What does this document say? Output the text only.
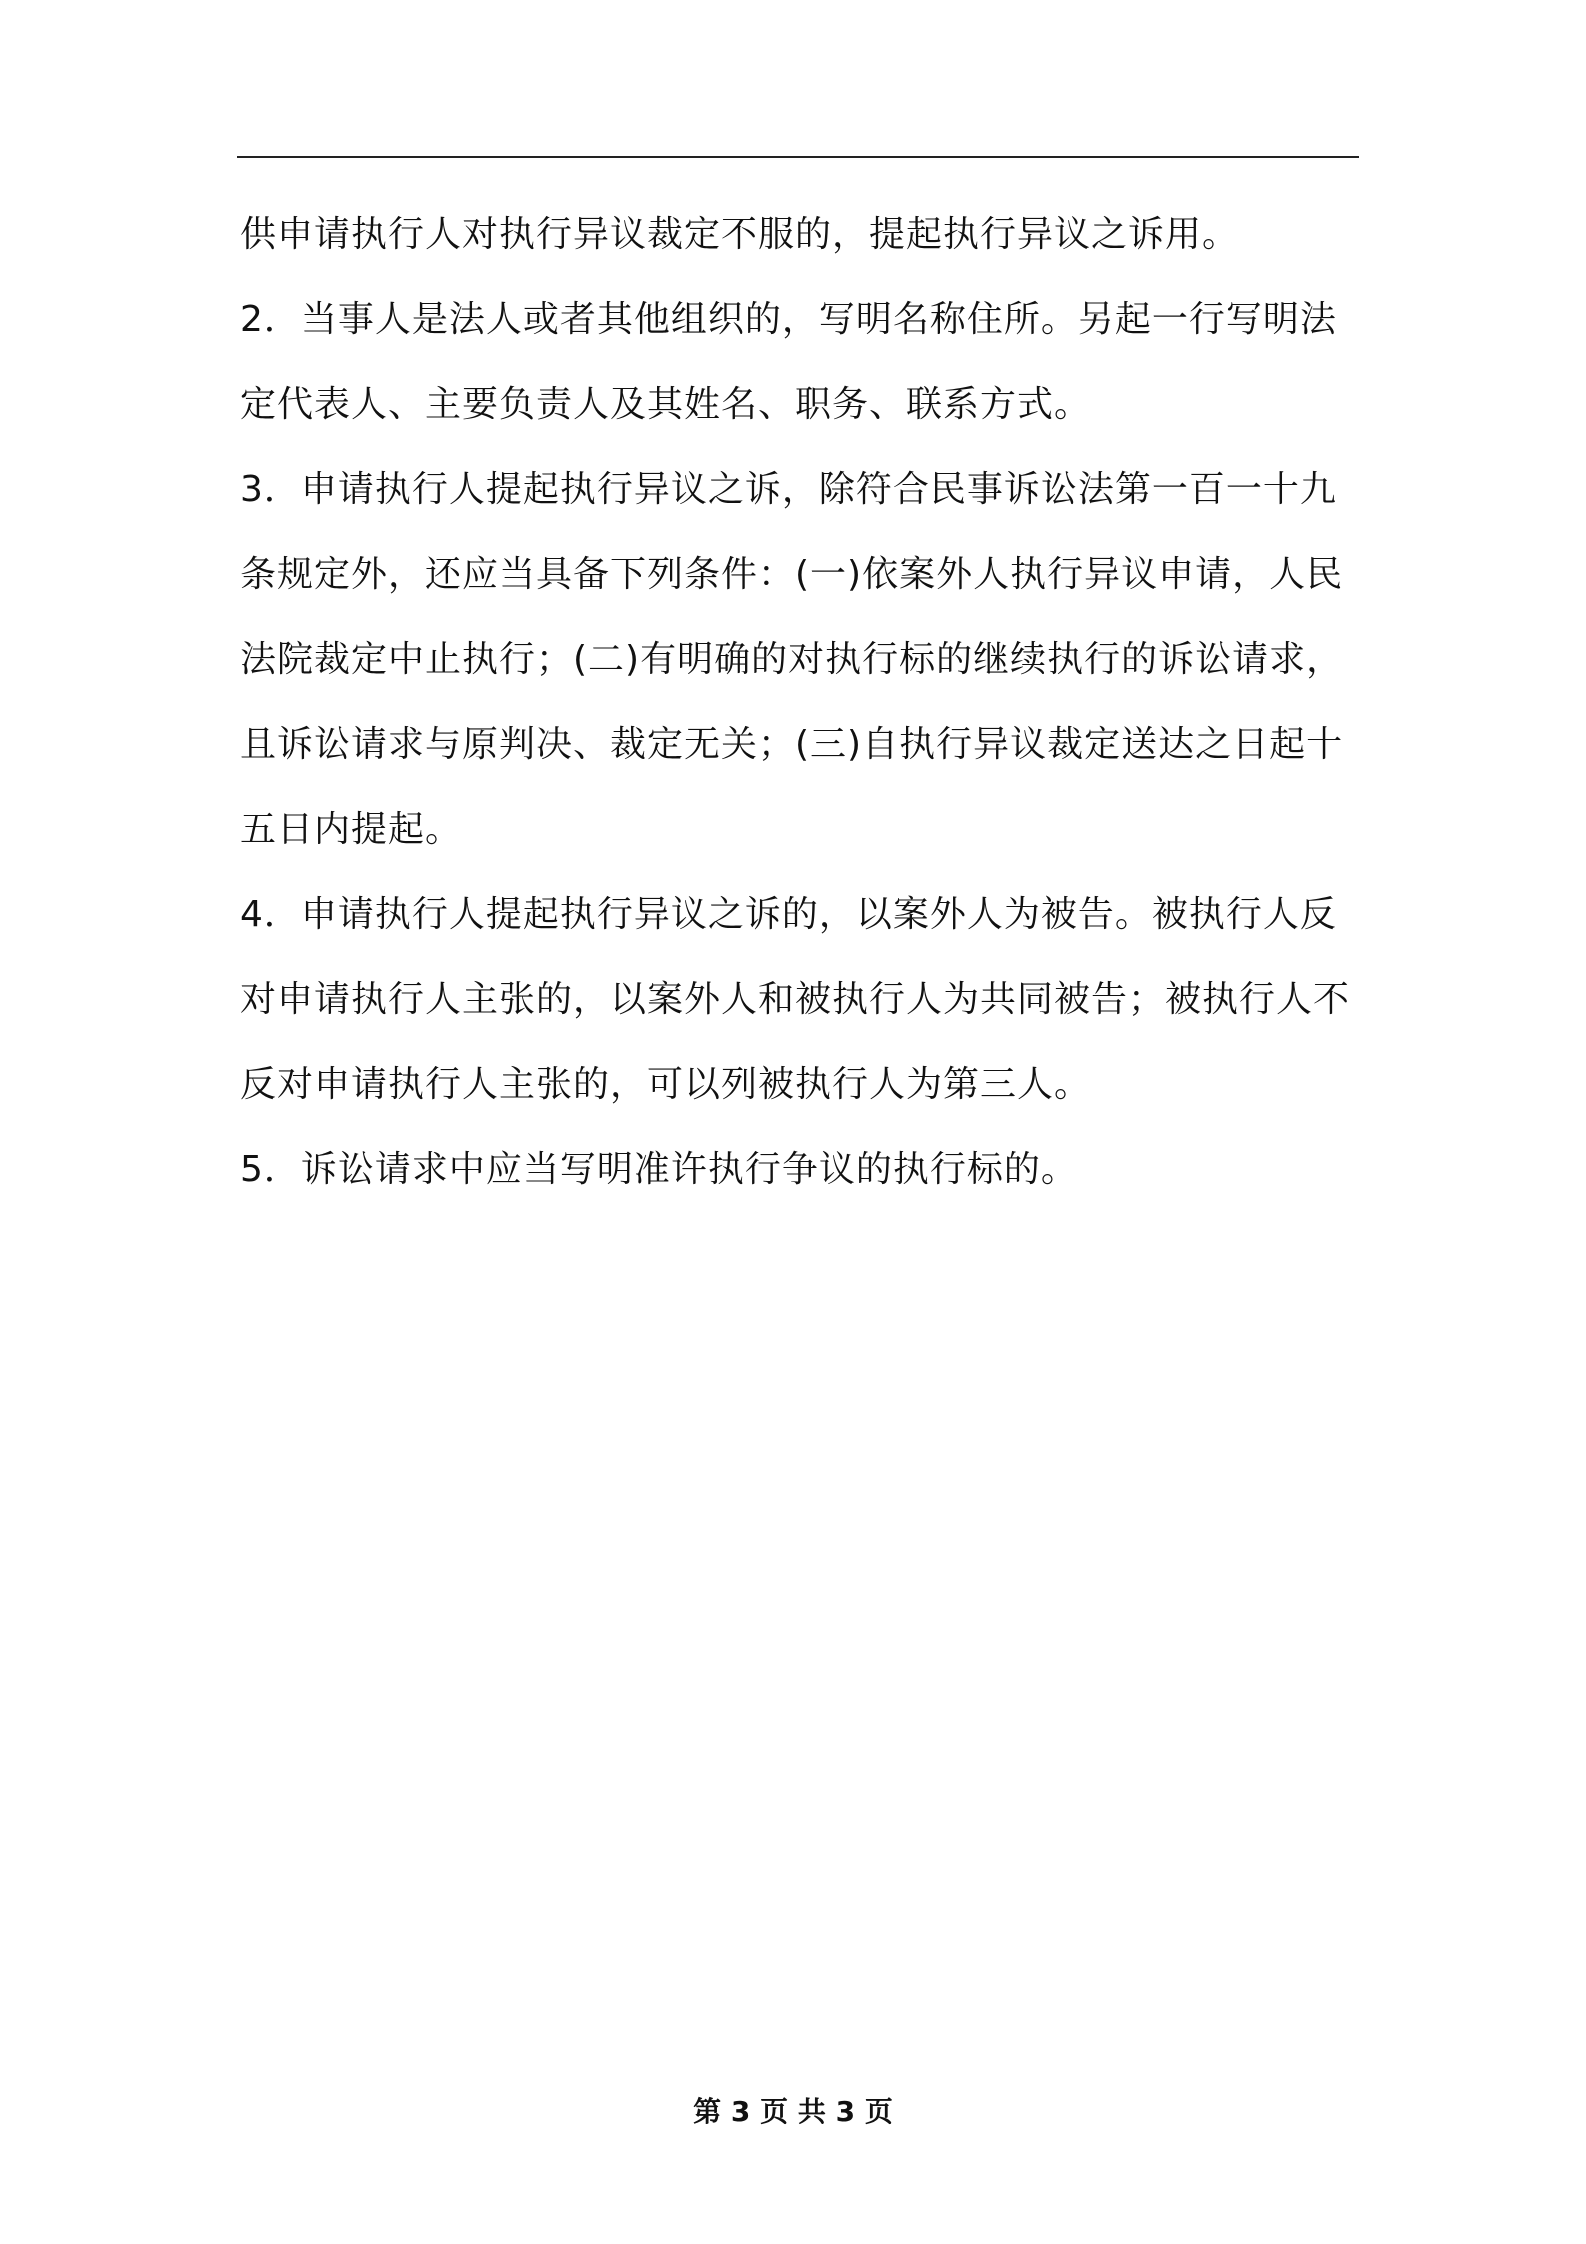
供申请执行人对执行异议裁定不服的，提起执行异议之诉用。
2．当事人是法人或者其他组织的，写明名称住所。另起一行写明法
定代表人、主要负责人及其姓名、职务、联系方式。
3．申请执行人提起执行异议之诉，除符合民事诉讼法第一百一十九
条规定外，还应当具备下列条件：(一)依案外人执行异议申请，人民
法院裁定中止执行；(二)有明确的对执行标的继续执行的诉讼请求，
且诉讼请求与原判决、裁定无关；(三)自执行异议裁定送达之日起十
五日内提起。
4．申请执行人提起执行异议之诉的，以案外人为被告。被执行人反
对申请执行人主张的，以案外人和被执行人为共同被告；被执行人不
反对申请执行人主张的，可以列被执行人为第三人。
5．诉讼请求中应当写明准许执行争议的执行标的。
第 3 页 共 3 页
